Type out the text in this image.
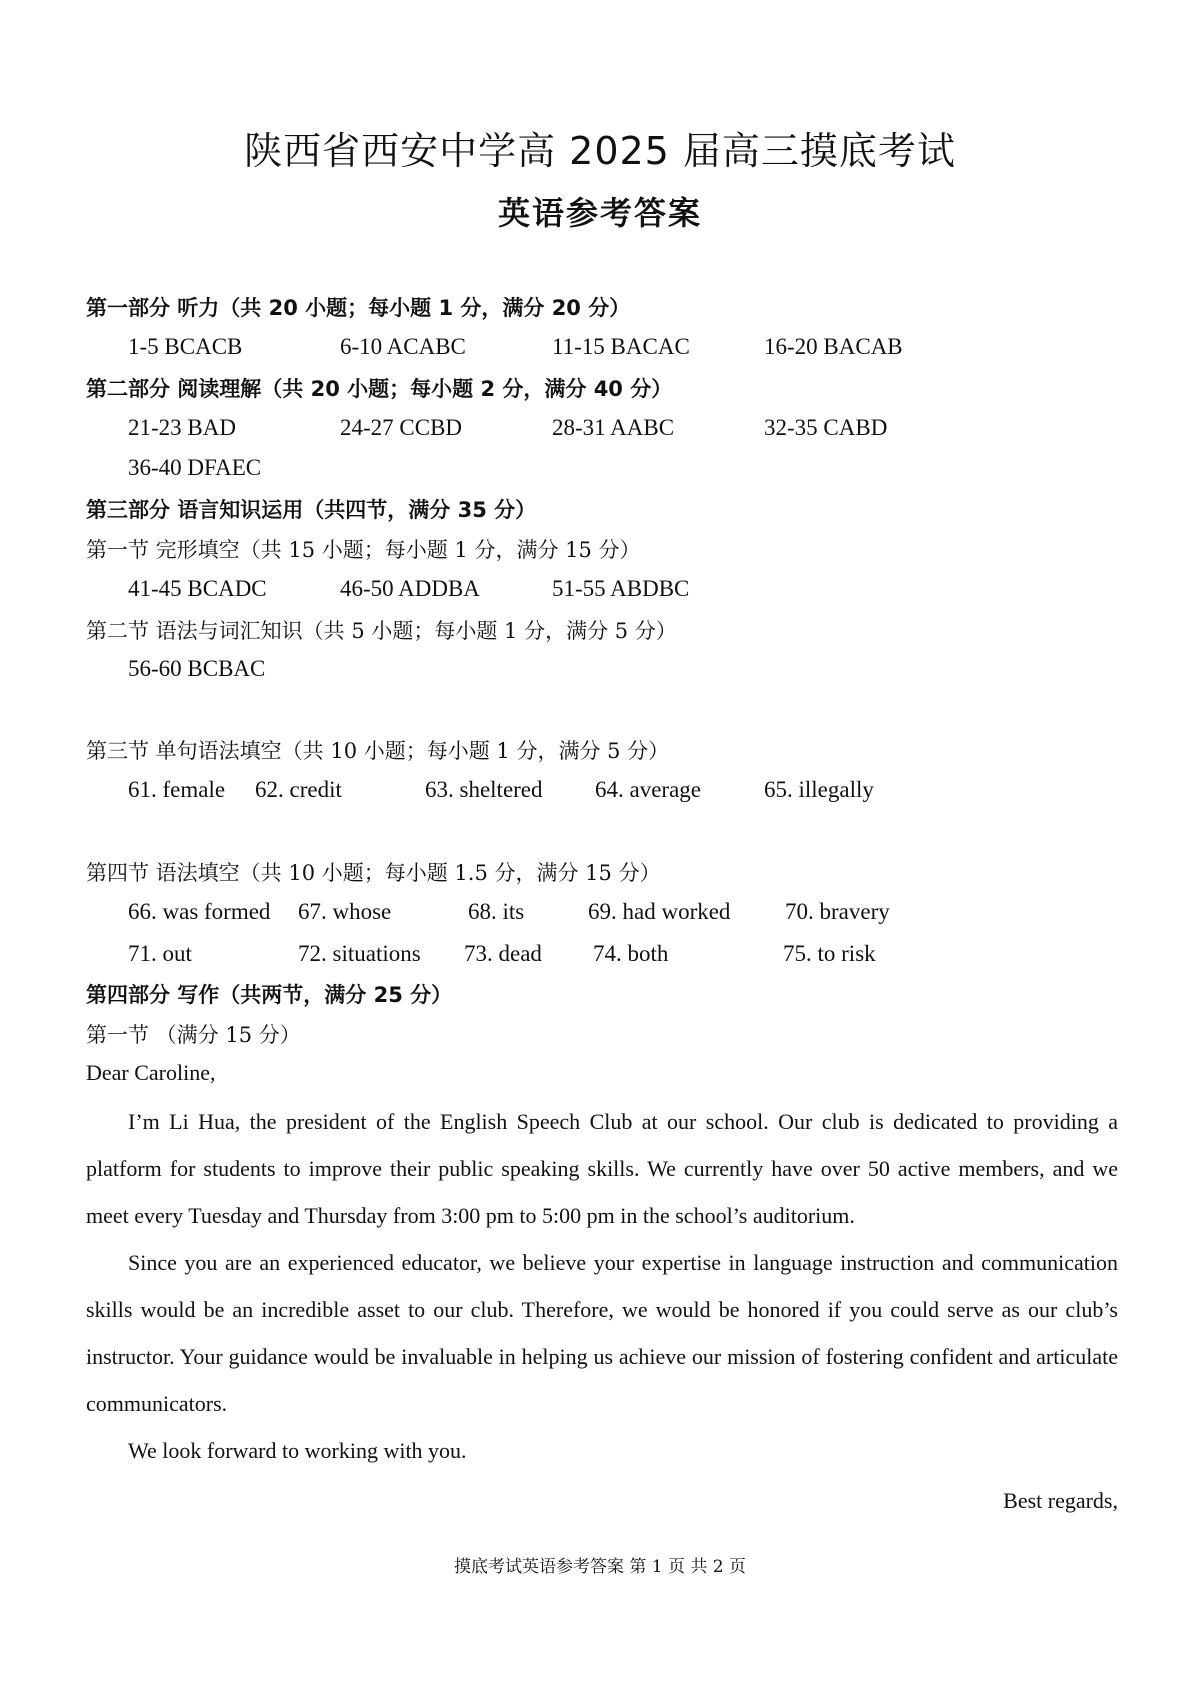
陕西省西安中学高 2025 届高三摸底考试
英语参考答案
第一部分 听力（共 20 小题；每小题 1 分，满分 20 分）
1-5 BCACB	6-10 ACABC	11-15 BACAC	16-20 BACAB
第二部分 阅读理解（共 20 小题；每小题 2 分，满分 40 分）
21-23 BAD	24-27 CCBD	28-31 AABC	32-35 CABD
36-40 DFAEC
第三部分 语言知识运用（共四节，满分 35 分）
第一节 完形填空（共 15 小题；每小题 1 分，满分 15 分）
41-45 BCADC	46-50 ADDBA	51-55 ABDBC
第二节 语法与词汇知识（共 5 小题；每小题 1 分，满分 5 分）
56-60 BCBAC
第三节 单句语法填空（共 10 小题；每小题 1 分，满分 5 分）
61. female 62. credit	63. sheltered 64. average	65. illegally
第四节 语法填空（共 10 小题；每小题 1.5 分，满分 15 分）
66. was formed 67. whose	68. its	69. had worked 70. bravery
71. out	72. situations 73. dead 74. both	75. to risk
第四部分 写作（共两节，满分 25 分）
第一节 （满分 15 分）
Dear Caroline,

I’m Li Hua, the president of the English Speech Club at our school. Our club is dedicated to providing a platform for students to improve their public speaking skills. We currently have over 50 active members, and we meet every Tuesday and Thursday from 3:00 pm to 5:00 pm in the school’s auditorium.

Since you are an experienced educator, we believe your expertise in language instruction and communication skills would be an incredible asset to our club. Therefore, we would be honored if you could serve as our club’s instructor. Your guidance would be invaluable in helping us achieve our mission of fostering confident and articulate communicators.

We look forward to working with you.

Best regards,
摸底考试英语参考答案 第 1 页 共 2 页
